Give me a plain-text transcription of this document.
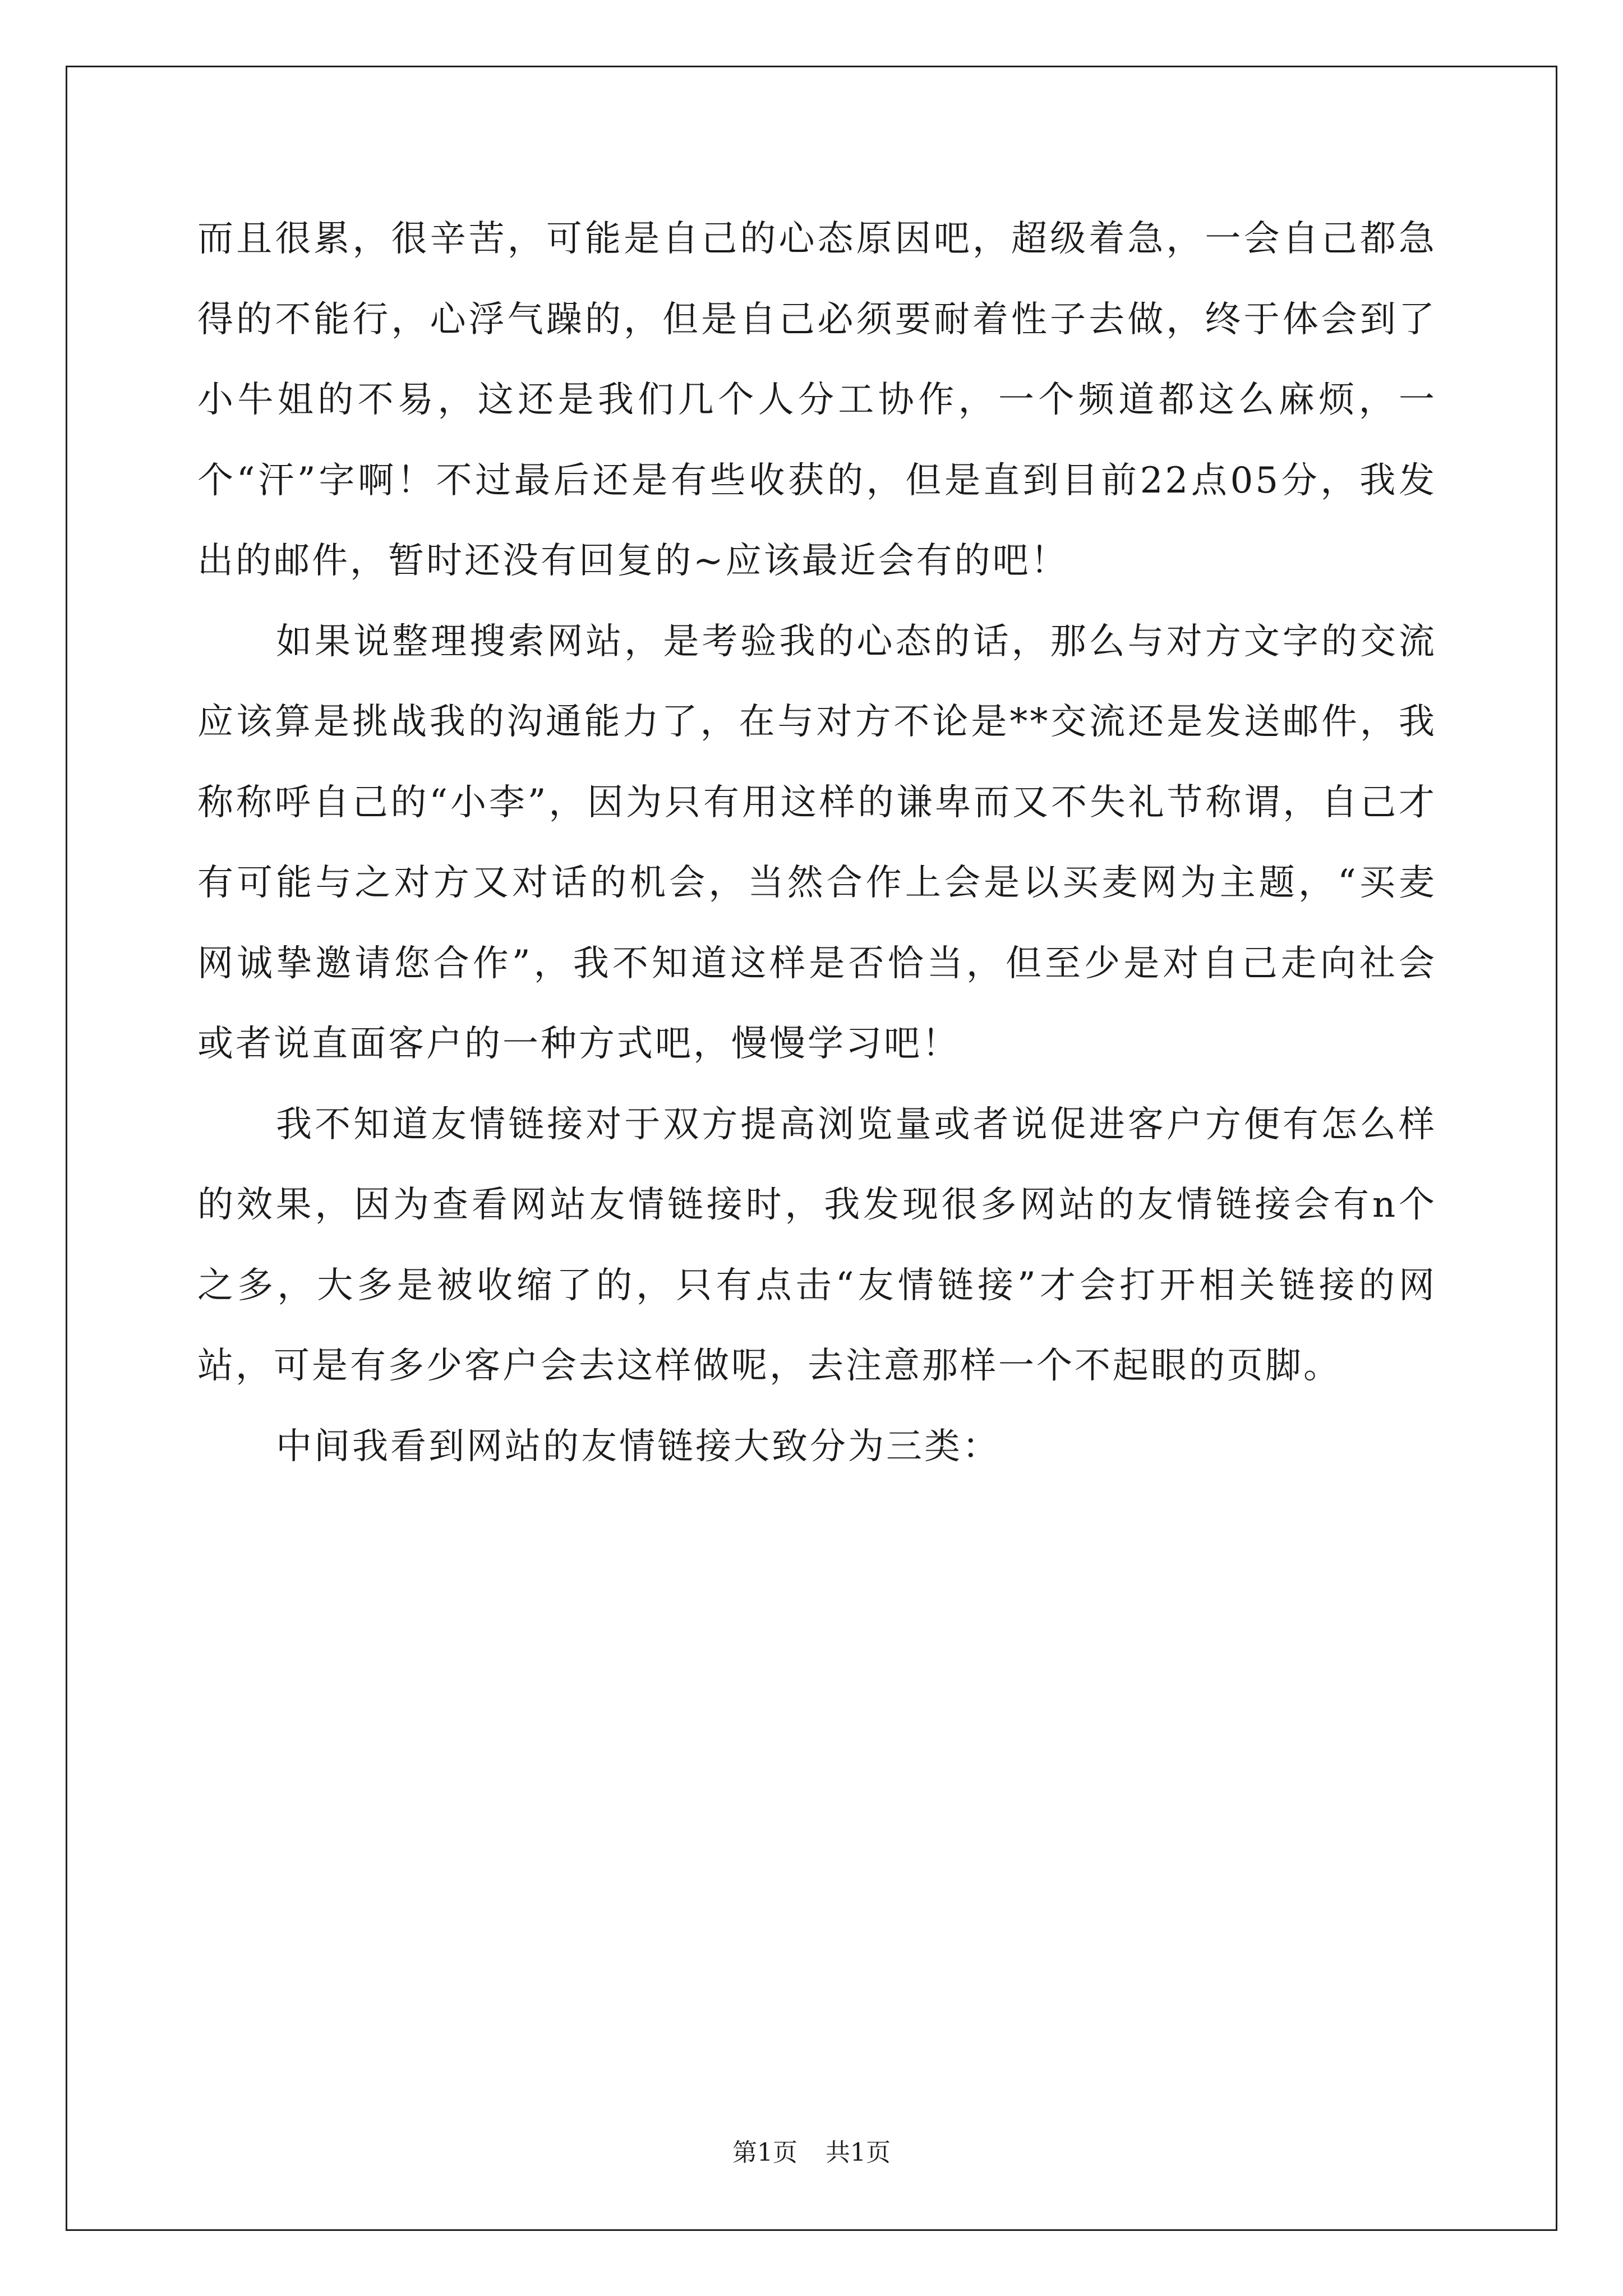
而且很累，很辛苦，可能是自己的心态原因吧，超级着急，一会自己都急得的不能行，心浮气躁的，但是自己必须要耐着性子去做，终于体会到了小牛姐的不易，这还是我们几个人分工协作，一个频道都这么麻烦，一个“汗”字啊！不过最后还是有些收获的，但是直到目前22点05分，我发出的邮件，暂时还没有回复的~应该最近会有的吧！

如果说整理搜索网站，是考验我的心态的话，那么与对方文字的交流应该算是挑战我的沟通能力了，在与对方不论是**交流还是发送邮件，我称称呼自己的“小李”，因为只有用这样的谦卑而又不失礼节称谓，自己才有可能与之对方又对话的机会，当然合作上会是以买麦网为主题，“买麦网诚挚邀请您合作”，我不知道这样是否恰当，但至少是对自己走向社会或者说直面客户的一种方式吧，慢慢学习吧！

我不知道友情链接对于双方提高浏览量或者说促进客户方便有怎么样的效果，因为查看网站友情链接时，我发现很多网站的友情链接会有n个之多，大多是被收缩了的，只有点击“友情链接”才会打开相关链接的网站，可是有多少客户会去这样做呢，去注意那样一个不起眼的页脚。

中间我看到网站的友情链接大致分为三类：

第1页 共1页
